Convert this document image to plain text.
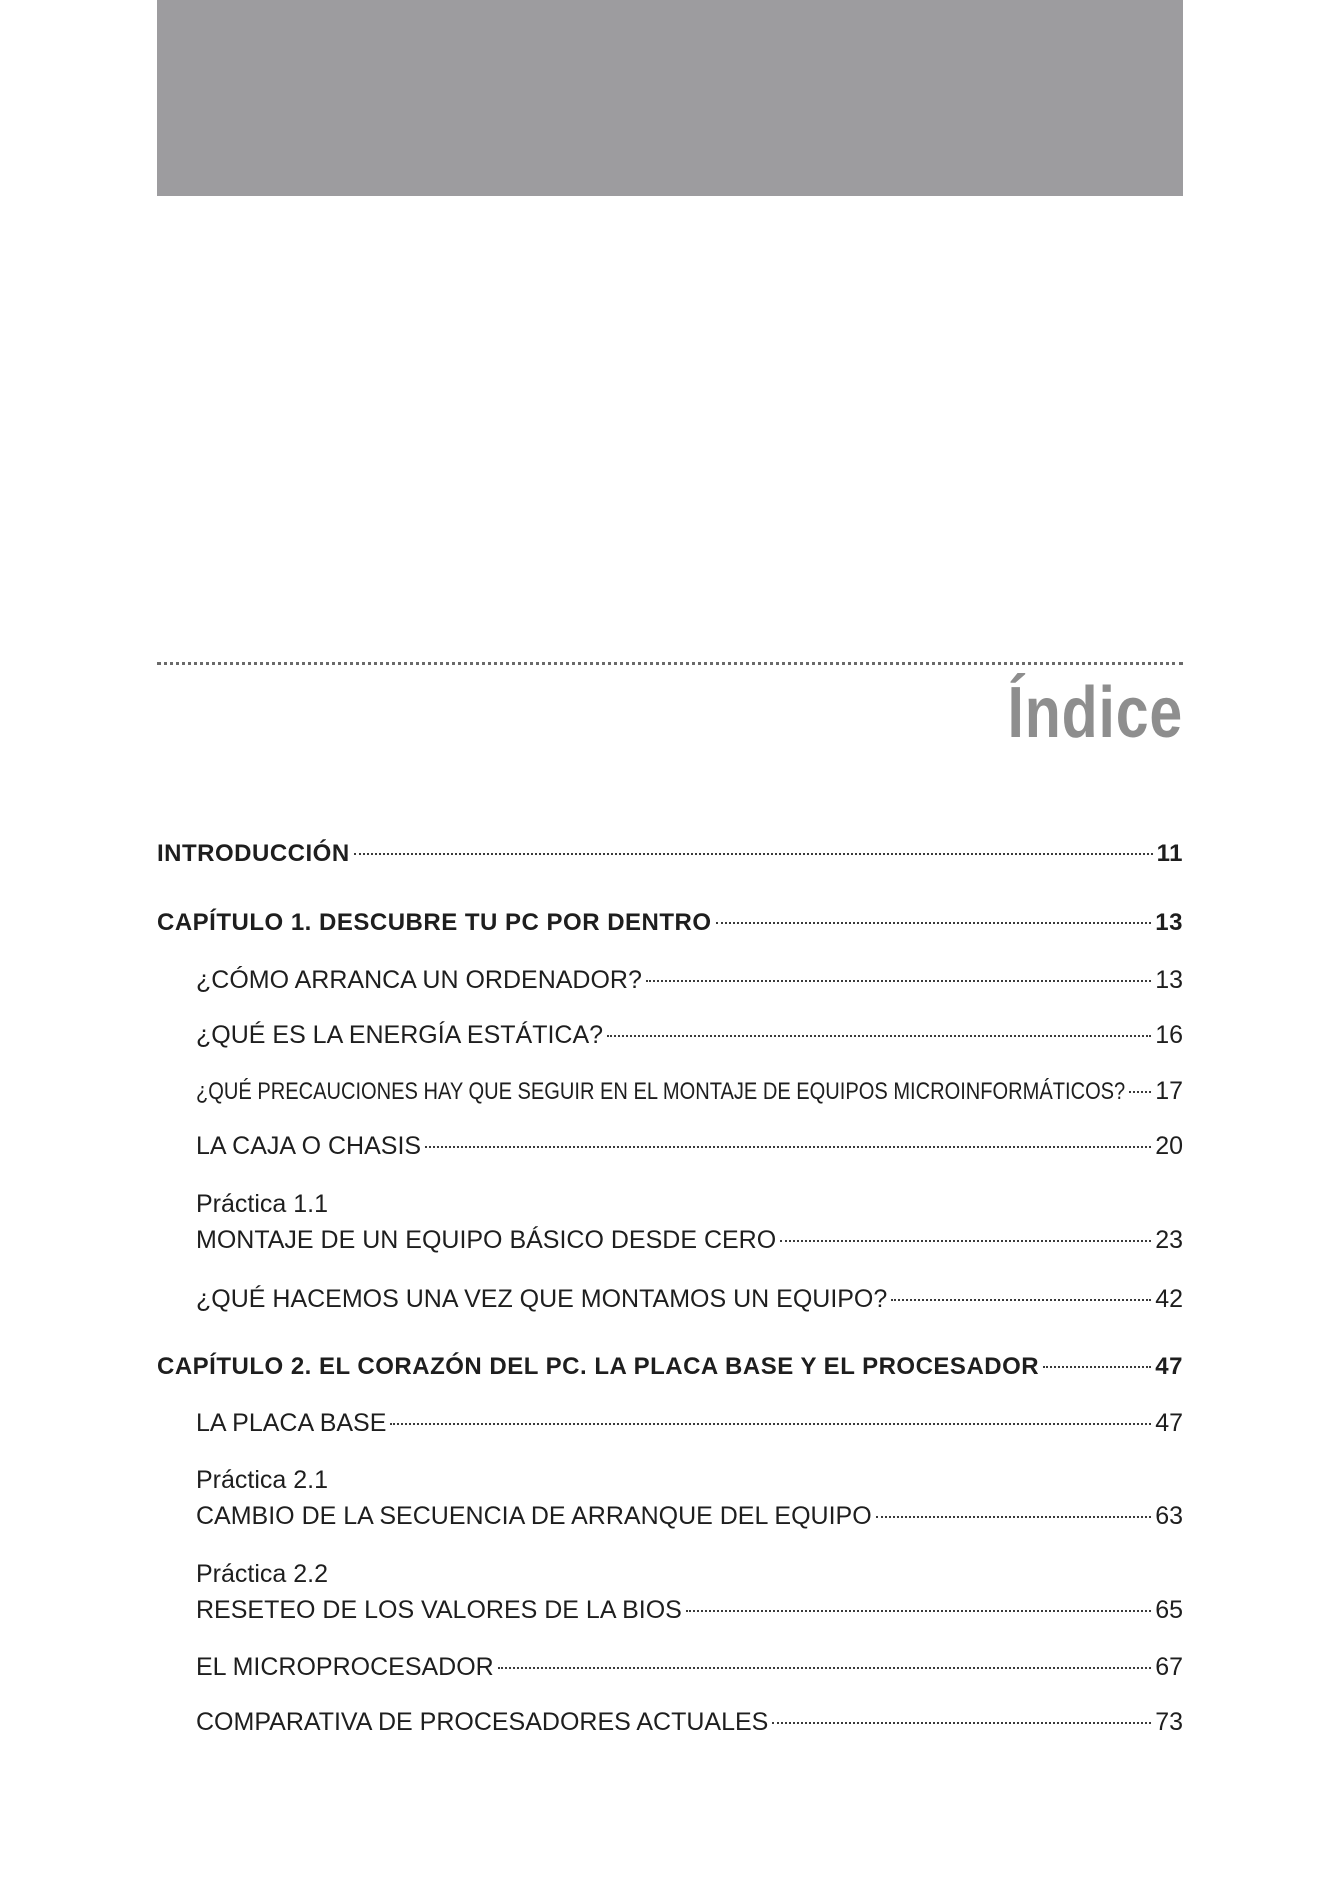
Índice
INTRODUCCIÓN	11
CAPÍTULO 1. DESCUBRE TU PC POR DENTRO	13
¿CÓMO ARRANCA UN ORDENADOR?	13
¿QUÉ ES LA ENERGÍA ESTÁTICA?	16
¿QUÉ PRECAUCIONES HAY QUE SEGUIR EN EL MONTAJE DE EQUIPOS MICROINFORMÁTICOS? 17
LA CAJA O CHASIS	20
Práctica 1.1
MONTAJE DE UN EQUIPO BÁSICO DESDE CERO	23
¿QUÉ HACEMOS UNA VEZ QUE MONTAMOS UN EQUIPO?	42
CAPÍTULO 2. EL CORAZÓN DEL PC. LA PLACA BASE Y EL PROCESADOR	47
LA PLACA BASE	47
Práctica 2.1
CAMBIO DE LA SECUENCIA DE ARRANQUE DEL EQUIPO	63
Práctica 2.2
RESETEO DE LOS VALORES DE LA BIOS	65
EL MICROPROCESADOR	67
COMPARATIVA DE PROCESADORES ACTUALES	73
